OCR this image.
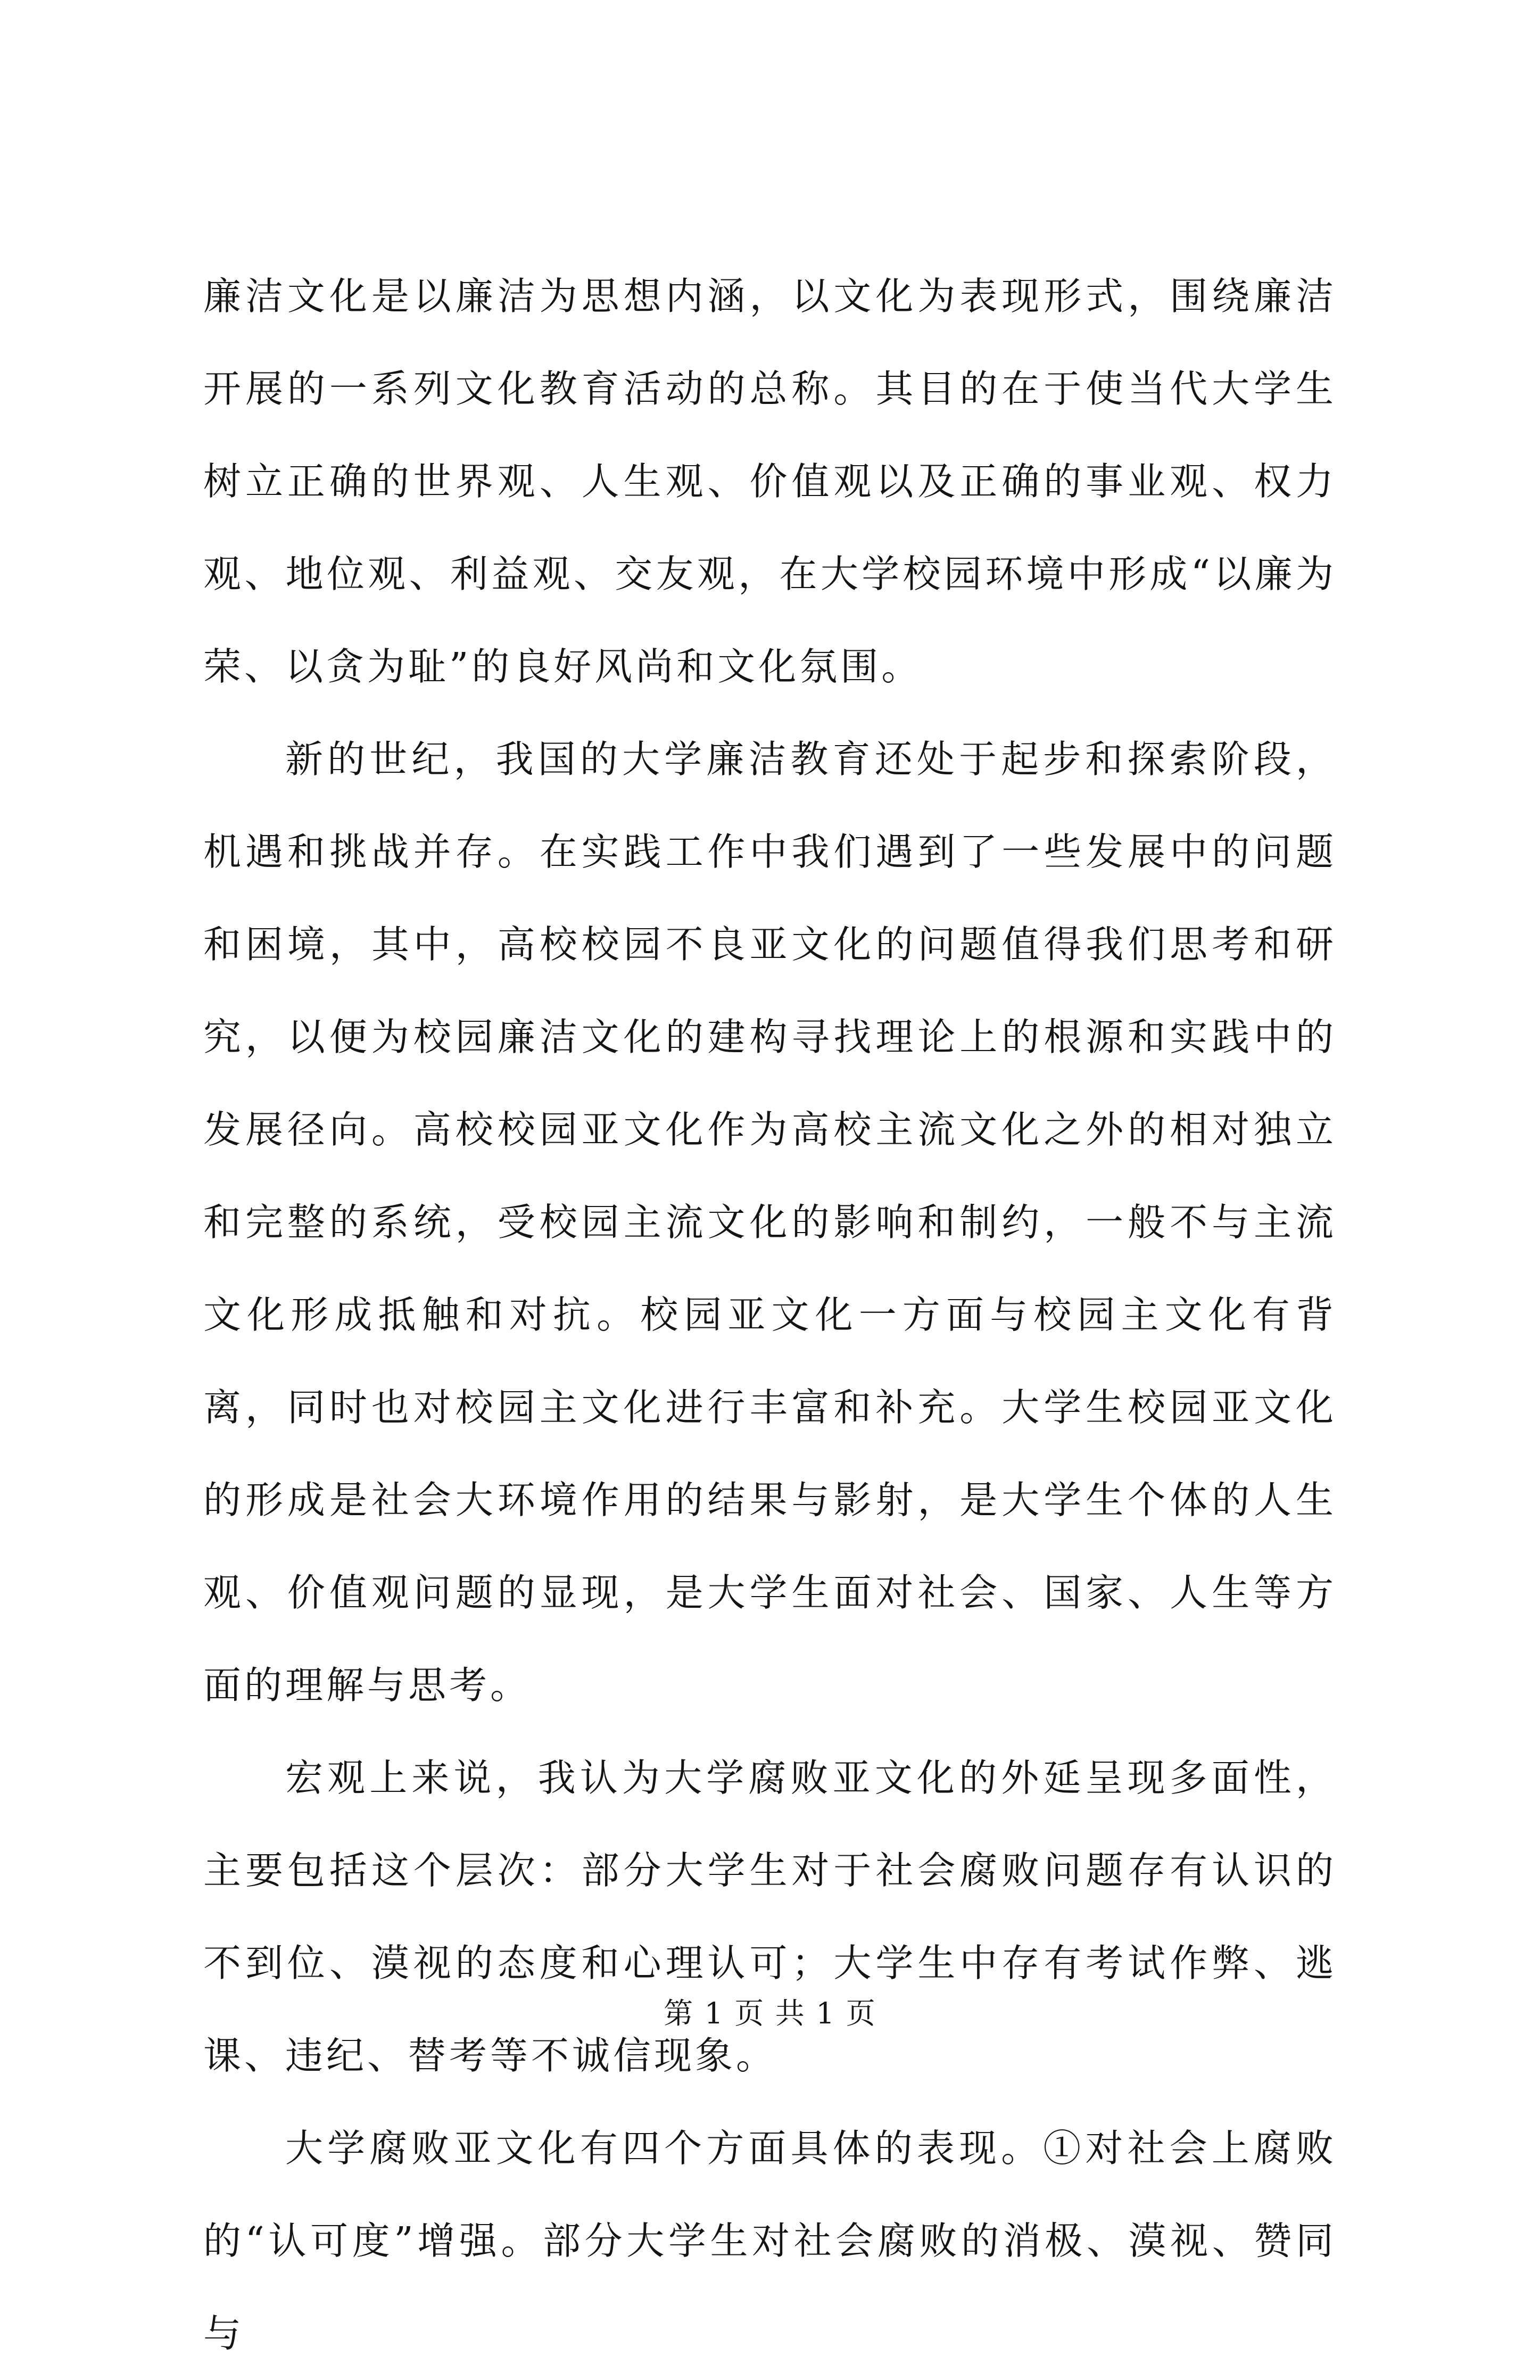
廉洁文化是以廉洁为思想内涵，以文化为表现形式，围绕廉洁开展的一系列文化教育活动的总称。其目的在于使当代大学生树立正确的世界观、人生观、价值观以及正确的事业观、权力观、地位观、利益观、交友观，在大学校园环境中形成“以廉为荣、以贪为耻”的良好风尚和文化氛围。

新的世纪，我国的大学廉洁教育还处于起步和探索阶段，机遇和挑战并存。在实践工作中我们遇到了一些发展中的问题和困境，其中，高校校园不良亚文化的问题值得我们思考和研究，以便为校园廉洁文化的建构寻找理论上的根源和实践中的发展径向。高校校园亚文化作为高校主流文化之外的相对独立和完整的系统，受校园主流文化的影响和制约，一般不与主流文化形成抵触和对抗。校园亚文化一方面与校园主文化有背离，同时也对校园主文化进行丰富和补充。大学生校园亚文化的形成是社会大环境作用的结果与影射，是大学生个体的人生观、价值观问题的显现，是大学生面对社会、国家、人生等方面的理解与思考。

宏观上来说，我认为大学腐败亚文化的外延呈现多面性，主要包括这个层次：部分大学生对于社会腐败问题存有认识的不到位、漠视的态度和心理认可；大学生中存有考试作弊、逃课、违纪、替考等不诚信现象。

大学腐败亚文化有四个方面具体的表现。①对社会上腐败的“认可度”增强。部分大学生对社会腐败的消极、漠视、赞同与

第 1 页 共 1 页
